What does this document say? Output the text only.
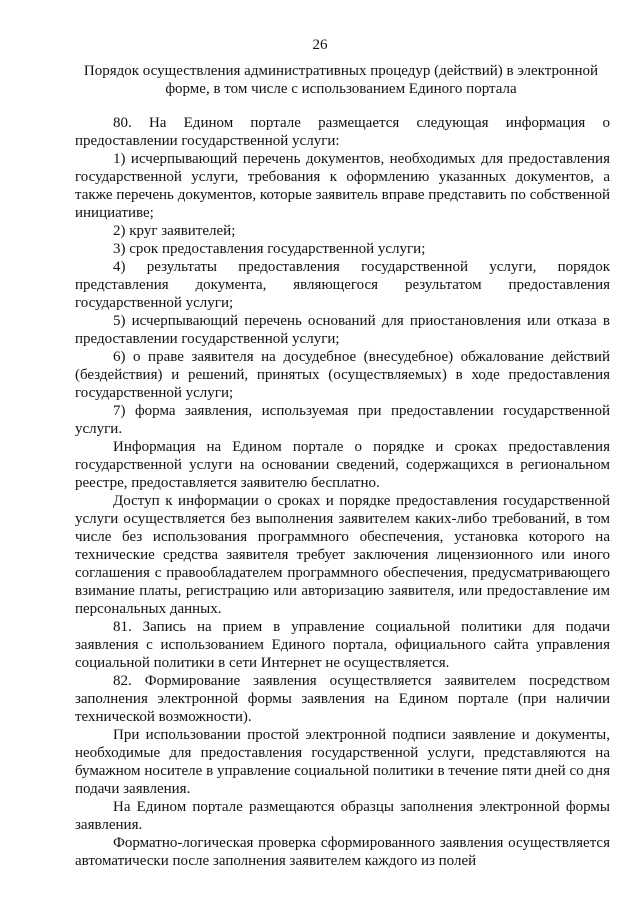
26
Порядок осуществления административных процедур (действий) в электронной форме, в том числе с использованием Единого портала

80. На Едином портале размещается следующая информация о предоставлении государственной услуги:

1) исчерпывающий перечень документов, необходимых для предоставления государственной услуги, требования к оформлению указанных документов, а также перечень документов, которые заявитель вправе представить по собственной инициативе;

2) круг заявителей;

3) срок предоставления государственной услуги;

4) результаты предоставления государственной услуги, порядок представления документа, являющегося результатом предоставления государственной услуги;

5) исчерпывающий перечень оснований для приостановления или отказа в предоставлении государственной услуги;

6) о праве заявителя на досудебное (внесудебное) обжалование действий (бездействия) и решений, принятых (осуществляемых) в ходе предоставления государственной услуги;

7) форма заявления, используемая при предоставлении государственной услуги.

Информация на Едином портале о порядке и сроках предоставления государственной услуги на основании сведений, содержащихся в региональном реестре, предоставляется заявителю бесплатно.

Доступ к информации о сроках и порядке предоставления государственной услуги осуществляется без выполнения заявителем каких-либо требований, в том числе без использования программного обеспечения, установка которого на технические средства заявителя требует заключения лицензионного или иного соглашения с правообладателем программного обеспечения, предусматривающего взимание платы, регистрацию или авторизацию заявителя, или предоставление им персональных данных.

81. Запись на прием в управление социальной политики для подачи заявления с использованием Единого портала, официального сайта управления социальной политики в сети Интернет не осуществляется.

82. Формирование заявления осуществляется заявителем посредством заполнения электронной формы заявления на Едином портале (при наличии технической возможности).

При использовании простой электронной подписи заявление и документы, необходимые для предоставления государственной услуги, представляются на бумажном носителе в управление социальной политики в течение пяти дней со дня подачи заявления.

На Едином портале размещаются образцы заполнения электронной формы заявления.

Форматно-логическая проверка сформированного заявления осуществляется автоматически после заполнения заявителем каждого из полей
